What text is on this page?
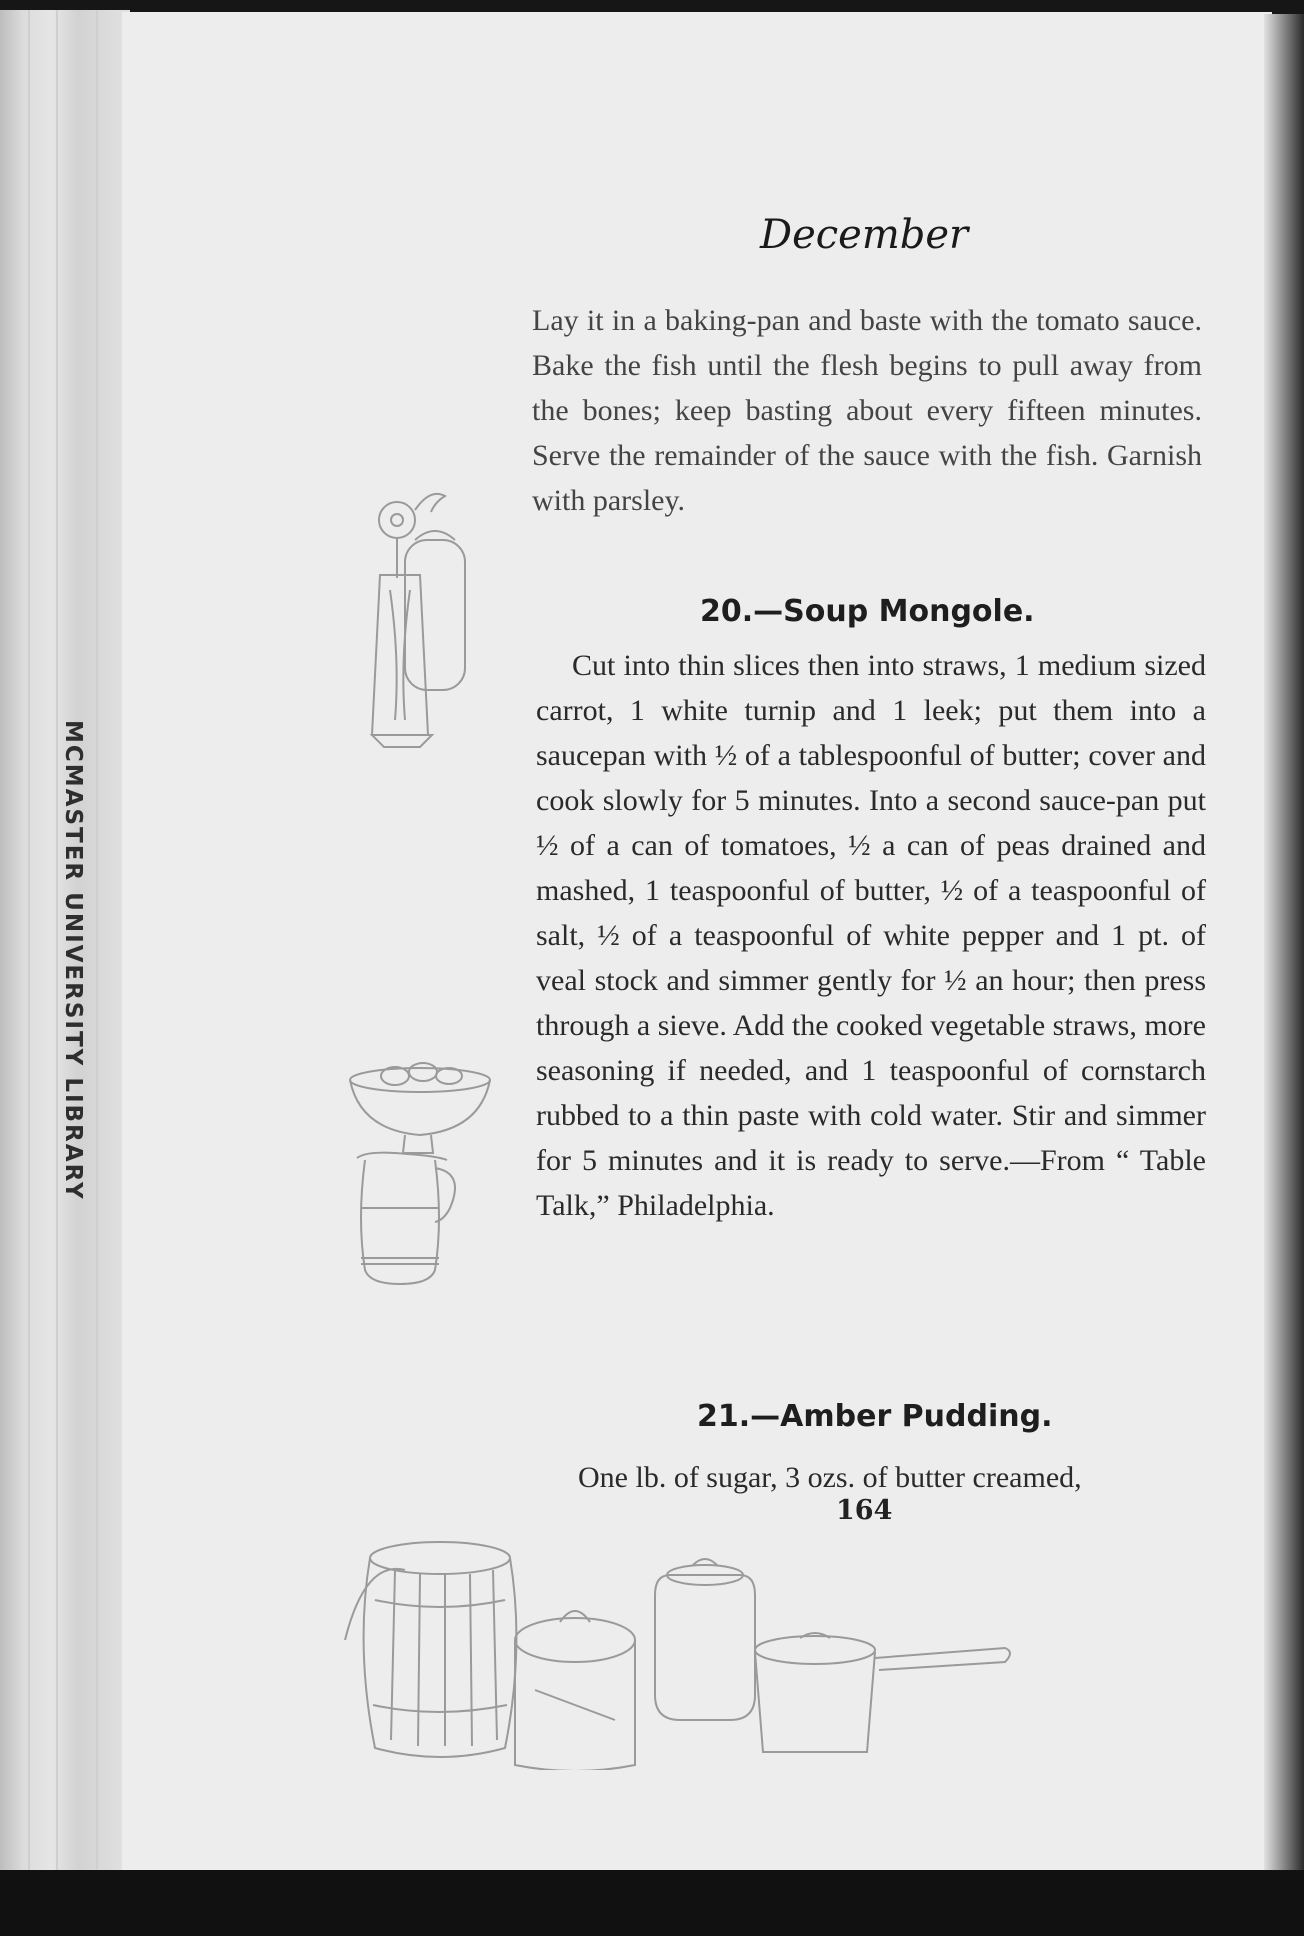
MCMASTER UNIVERSITY LIBRARY
December
Lay it in a baking-pan and baste with the tomato sauce. Bake the fish until the flesh begins to pull away from the bones; keep basting about every fifteen minutes. Serve the remainder of the sauce with the fish. Garnish with parsley.
20.—Soup Mongole.
Cut into thin slices then into straws, 1 medium sized carrot, 1 white turnip and 1 leek; put them into a saucepan with ½ of a tablespoonful of butter; cover and cook slowly for 5 minutes. Into a second sauce-pan put ½ of a can of tomatoes, ½ a can of peas drained and mashed, 1 teaspoonful of butter, ½ of a teaspoonful of salt, ½ of a teaspoonful of white pepper and 1 pt. of veal stock and simmer gently for ½ an hour; then press through a sieve. Add the cooked vegetable straws, more seasoning if needed, and 1 teaspoonful of cornstarch rubbed to a thin paste with cold water. Stir and simmer for 5 minutes and it is ready to serve.—From “ Table Talk,” Philadelphia.
21.—Amber Pudding.
One lb. of sugar, 3 ozs. of butter creamed,
164
